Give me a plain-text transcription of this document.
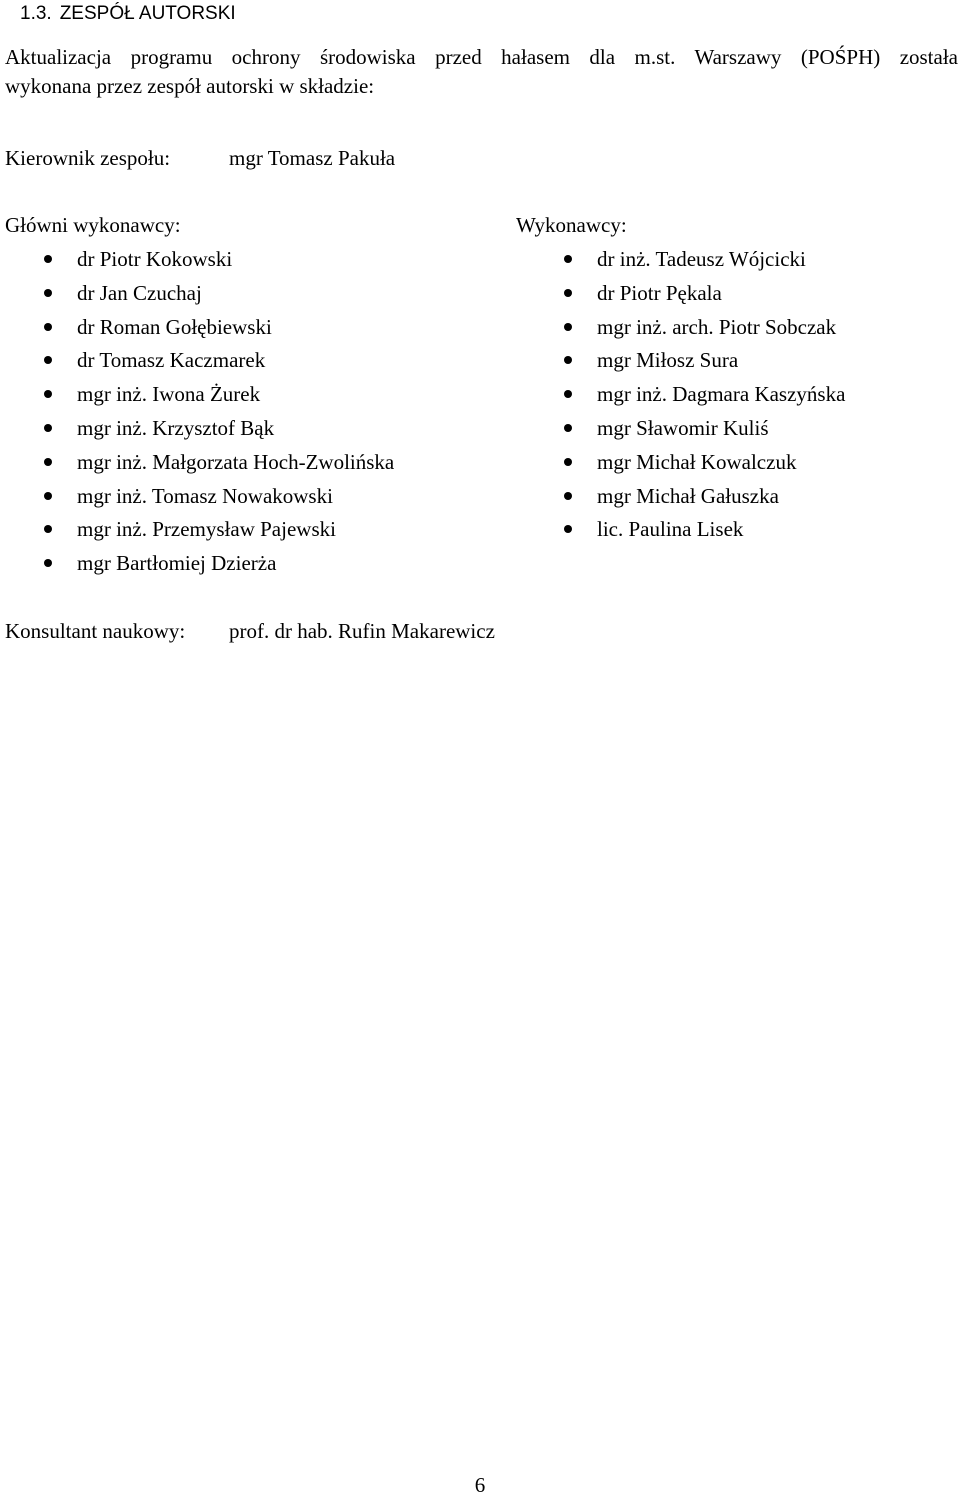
1.3. ZESPÓŁ AUTORSKI

Aktualizacja programu ochrony środowiska przed hałasem dla m.st. Warszawy (POŚPH) została
wykonana przez zespół autorski w składzie:

Kierownik zespołu:	mgr Tomasz Pakuła
Główni wykonawcy:	Wykonawcy:
dr Piotr Kokowski
dr Jan Czuchaj
dr Roman Gołębiewski
dr Tomasz Kaczmarek
mgr inż. Iwona Żurek
mgr inż. Krzysztof Bąk
mgr inż. Małgorzata Hoch-Zwolińska
mgr inż. Tomasz Nowakowski
mgr inż. Przemysław Pajewski
mgr Bartłomiej Dzierża
dr inż. Tadeusz Wójcicki
dr Piotr Pękala
mgr inż. arch. Piotr Sobczak
mgr Miłosz Sura
mgr inż. Dagmara Kaszyńska
mgr Sławomir Kuliś
mgr Michał Kowalczuk
mgr Michał Gałuszka
lic. Paulina Lisek
Konsultant naukowy: prof. dr hab. Rufin Makarewicz
6
